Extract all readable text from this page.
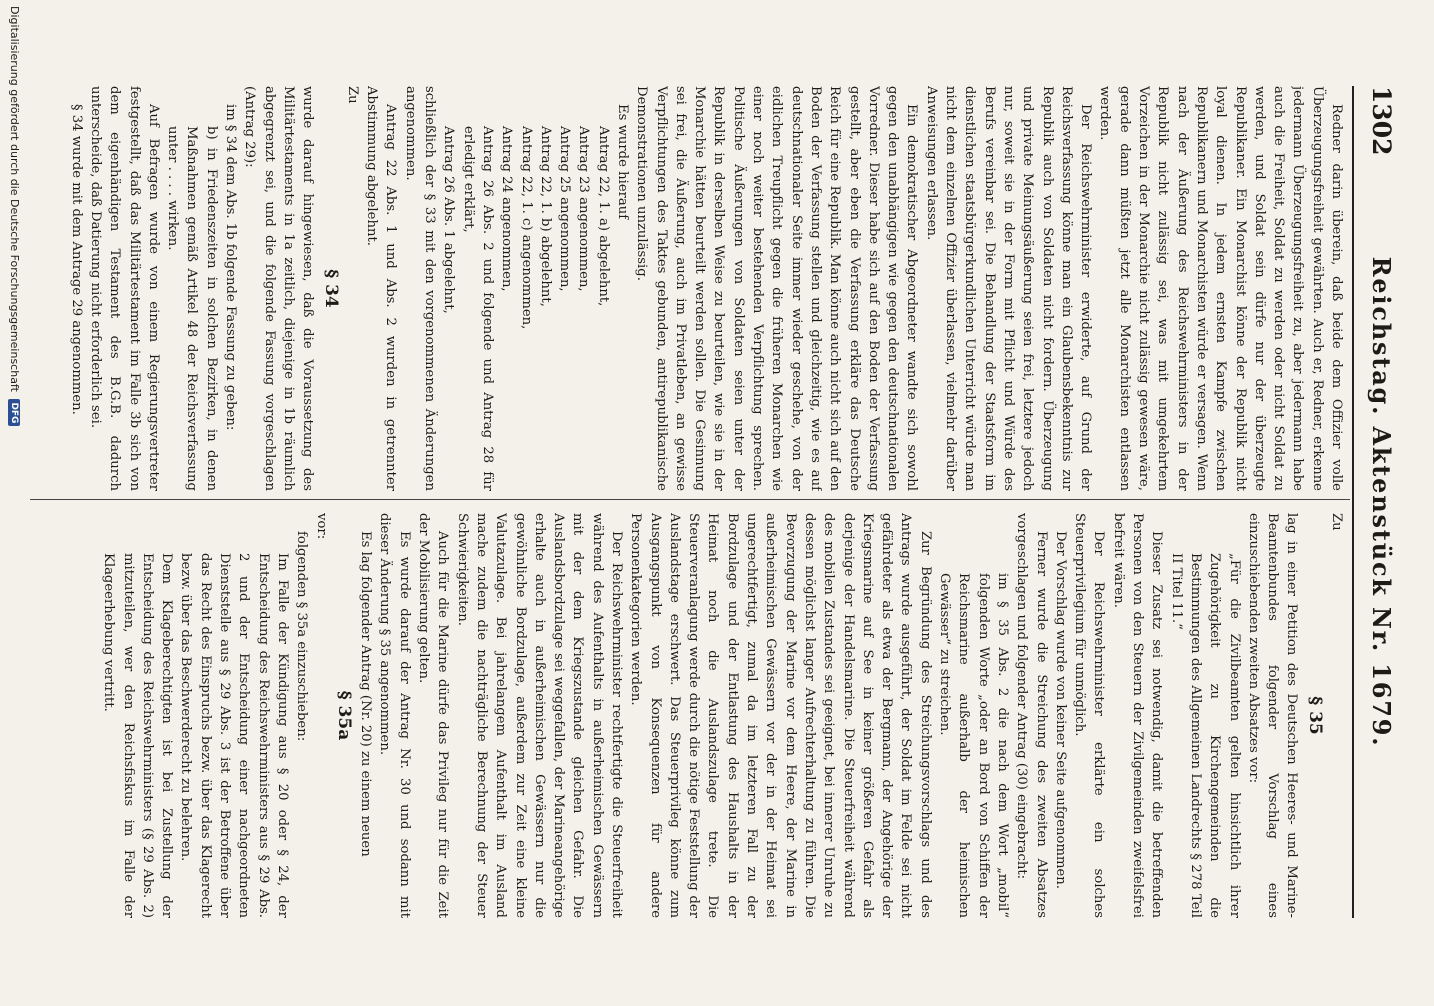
1302
Reichstag. Aktenstück Nr. 1679.

Redner darin überein, daß beide dem Offizier volle Überzeugungsfreiheit gewährten. Auch er, Redner, erkenne jedermann Überzeugungsfreiheit zu, aber jedermann habe auch die Freiheit, Soldat zu werden oder nicht Soldat zu werden, und Soldat sein dürfe nur der überzeugte Republikaner. Ein Monarchist könne der Republik nicht loyal dienen. In jedem ernsten Kampfe zwischen Republikanern und Monarchisten würde er versagen. Wenn nach der Äußerung des Reichswehrministers in der Republik nicht zulässig sei, was mit umgekehrtem Vorzeichen in der Monarchie nicht zulässig gewesen wäre, gerade dann müßten jetzt alle Monarchisten entlassen werden.

Der Reichswehrminister erwiderte, auf Grund der Reichsverfassung könne man ein Glaubensbekenntnis zur Republik auch von Soldaten nicht fordern. Überzeugung und private Meinungsäußerung seien frei, letztere jedoch nur, soweit sie in der Form mit Pflicht und Würde des Berufs vereinbar sei. Die Behandlung der Staatsform im dienstlichen staatsbürgerkundlichen Unterricht würde man nicht dem einzelnen Offizier überlassen, vielmehr darüber Anweisungen erlassen.

Ein demokratischer Abgeordneter wandte sich sowohl gegen den unabhängigen wie gegen den deutschnationalen Vorredner. Dieser habe sich auf den Boden der Verfassung gestellt, aber eben die Verfassung erkläre das Deutsche Reich für eine Republik. Man könne auch nicht sich auf den Boden der Verfassung stellen und gleichzeitig, wie es auf deutschnationaler Seite immer wieder geschehe, von der eidlichen Treupflicht gegen die früheren Monarchen wie einer noch weiter bestehenden Verpflichtung sprechen. Politische Äußerungen von Soldaten seien unter der Republik in derselben Weise zu beurteilen, wie sie in der Monarchie hätten beurteilt werden sollen. Die Gesinnung sei frei, die Äußerung, auch im Privatleben, an gewisse Verpflichtungen des Taktes gebunden, antirepublikanische Demonstrationen unzulässig.

Es wurde hierauf

Antrag 22, 1. a) abgelehnt,

Antrag 23 angenommen,

Antrag 25 angenommen,

Antrag 22, 1. b) abgelehnt,

Antrag 22, 1. c) angenommen,

Antrag 24 angenommen,

Antrag 26 Abs. 2 und folgende und Antrag 28 für erledigt erklärt,

Antrag 26 Abs. 1 abgelehnt,

schließlich der § 33 mit den vorgenommenen Änderungen angenommen.

Antrag 22 Abs. 1 und Abs. 2 wurden in getrennter Abstimmung abgelehnt.

Zu

§ 34

wurde darauf hingewiesen, daß die Voraussetzung des Militärtestaments in 1a zeitlich, diejenige in 1b räumlich abgegrenzt sei, und die folgende Fassung vorgeschlagen (Antrag 29):

im § 34 dem Abs. 1b folgende Fassung zu geben:

b) in Friedenszeiten in solchen Bezirken, in denen Maßnahmen gemäß Artikel 48 der Reichsverfassung unter . . . . wirken.

Auf Befragen wurde von einem Regierungsvertreter festgestellt, daß das Militärtestament im Falle 3b sich von dem eigenhändigen Testament des B.G.B. dadurch unterscheide, daß Datierung nicht erforderlich sei.

§ 34 wurde mit dem Antrage 29 angenommen.

Zu

§ 35

lag in einer Petition des Deutschen Heeres- und Marine-Beamtenbundes folgender Vorschlag eines einzuschiebenden zweiten Absatzes vor:

„Für die Zivilbeamten gelten hinsichtlich ihrer Zugehörigkeit zu Kirchengemeinden die Bestimmungen des Allgemeinen Landrechts § 278 Teil II Titel 11.“

Dieser Zusatz sei notwendig, damit die betreffenden Personen von den Steuern der Zivilgemeinden zweifelsfrei befreit wären.

Der Reichswehrminister erklärte ein solches Steuerprivilegium für unmöglich.

Der Vorschlag wurde von keiner Seite aufgenommen.

Ferner wurde die Streichung des zweiten Absatzes vorgeschlagen und folgender Antrag (30) eingebracht:

im § 35 Abs. 2 die nach dem Wort „mobil“ folgenden Worte „oder an Bord von Schiffen der Reichsmarine außerhalb der heimischen Gewässer“ zu streichen.

Zur Begründung des Streichungsvorschlags und des Antrags wurde ausgeführt, der Soldat im Felde sei nicht gefährdeter als etwa der Bergmann, der Angehörige der Kriegsmarine auf See in keiner größeren Gefahr als derjenige der Handelsmarine. Die Steuerfreiheit während des mobilen Zustandes sei geeignet, bei innerer Unruhe zu dessen möglichst langer Aufrechterhaltung zu führen. Die Bevorzugung der Marine vor dem Heere, der Marine in außerheimischen Gewässern vor der in der Heimat sei ungerechtfertigt, zumal da im letzteren Fall zu der Bordzulage und der Entlastung des Haushalts in der Heimat noch die Auslandszulage trete. Die Steuerveranlagung werde durch die nötige Feststellung der Auslandstage erschwert. Das Steuerprivileg könne zum Ausgangspunkt von Konsequenzen für andere Personenkategorien werden.

Der Reichswehrminister rechtfertigte die Steuerfreiheit während des Aufenthalts in außerheimischen Gewässern mit der dem Kriegszustande gleichen Gefahr. Die Auslandsbordzulage sei weggefallen, der Marineangehörige erhalte auch in außerheimischen Gewässern nur die gewöhnliche Bordzulage, außerdem zur Zeit eine kleine Valutazulage. Bei jahrelangem Aufenthalt im Ausland mache zudem die nachträgliche Berechnung der Steuer Schwierigkeiten.

Auch für die Marine dürfe das Privileg nur für die Zeit der Mobilisierung gelten.

Es wurde darauf der Antrag Nr. 30 und sodann mit dieser Änderung § 35 angenommen.

Es lag folgender Antrag (Nr. 20) zu einem neuen

§ 35a

vor:

folgenden § 35a einzuschieben:

Im Falle der Kündigung aus § 20 oder § 24, der Entscheidung des Reichswehrministers aus § 29 Abs. 2 und der Entscheidung einer nachgeordneten Dienststelle aus § 29 Abs. 3 ist der Betroffene über das Recht des Einspruchs bezw. über das Klagerecht bezw. über das Beschwerderecht zu belehren.

Dem Klageberechtigten ist bei Zustellung der Entscheidung des Reichswehrministers (§ 29 Abs. 2) mitzuteilen, wer den Reichsfiskus im Falle der Klageerhebung vertritt.

Digitalisierung gefördert durch die Deutsche Forschungsgemeinschaft DFG
